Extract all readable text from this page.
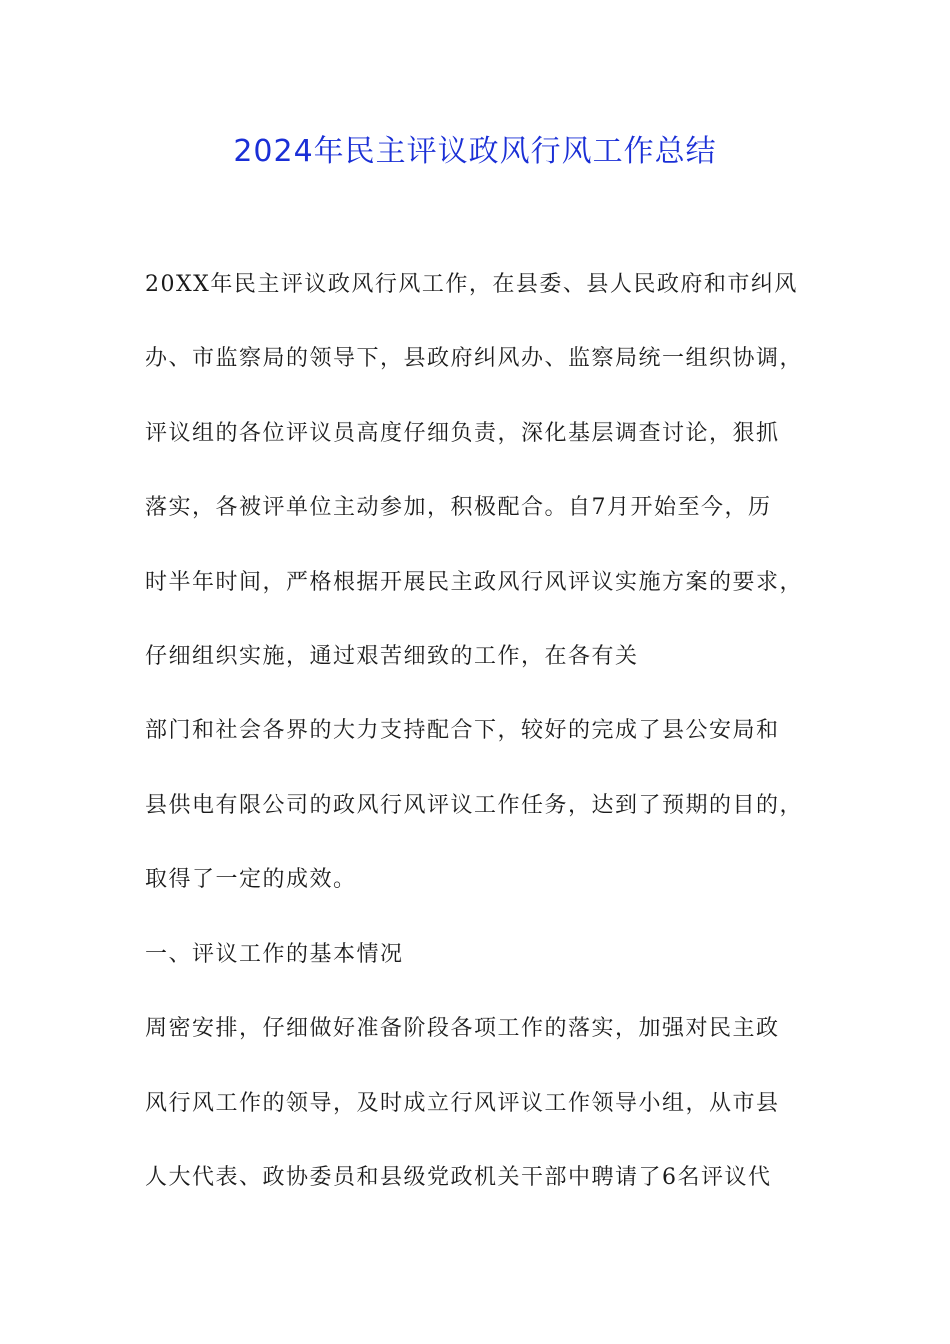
2024年民主评议政风行风工作总结

20XX年民主评议政风行风工作，在县委、县人民政府和市纠风

办、市监察局的领导下，县政府纠风办、监察局统一组织协调，

评议组的各位评议员高度仔细负责，深化基层调查讨论，狠抓

落实，各被评单位主动参加，积极配合。自7月开始至今，历

时半年时间，严格根据开展民主政风行风评议实施方案的要求，

仔细组织实施，通过艰苦细致的工作，在各有关

部门和社会各界的大力支持配合下，较好的完成了县公安局和

县供电有限公司的政风行风评议工作任务，达到了预期的目的，

取得了一定的成效。

一、评议工作的基本情况

周密安排，仔细做好准备阶段各项工作的落实，加强对民主政

风行风工作的领导，及时成立行风评议工作领导小组，从市县

人大代表、政协委员和县级党政机关干部中聘请了6名评议代
